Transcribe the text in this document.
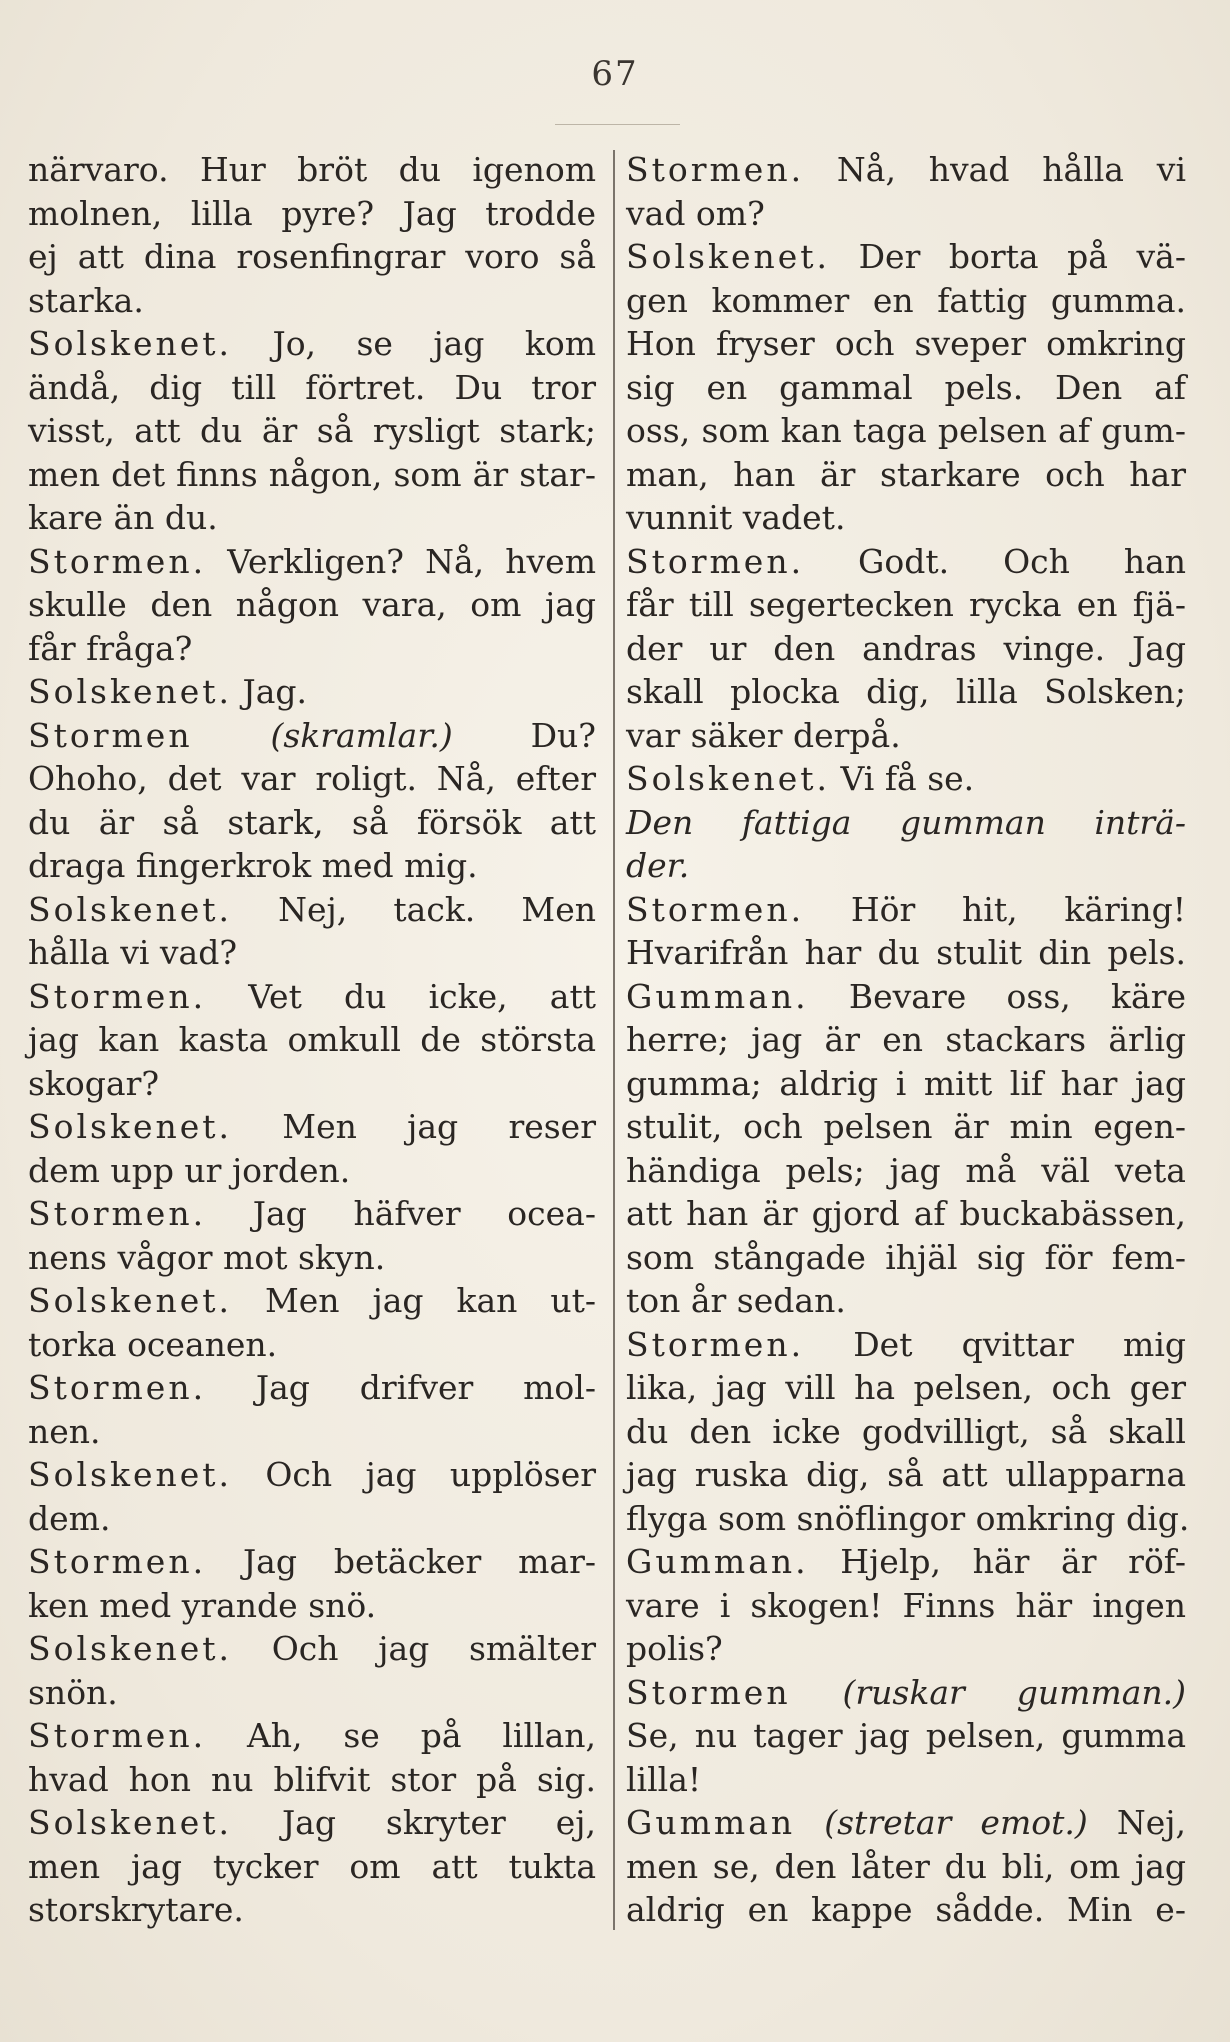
67
närvaro. Hur bröt du igenom
molnen, lilla pyre? Jag trodde
ej att dina rosenfingrar voro så
starka.
Solskenet. Jo, se jag kom
ändå, dig till förtret. Du tror
visst, att du är så rysligt stark;
men det finns någon, som är star-
kare än du.
Stormen. Verkligen? Nå, hvem
skulle den någon vara, om jag
får fråga?
Solskenet. Jag.
Stormen (skramlar.) Du?
Ohoho, det var roligt. Nå, efter
du är så stark, så försök att
draga fingerkrok med mig.
Solskenet. Nej, tack. Men
hålla vi vad?
Stormen. Vet du icke, att
jag kan kasta omkull de största
skogar?
Solskenet. Men jag reser
dem upp ur jorden.
Stormen. Jag häfver ocea-
nens vågor mot skyn.
Solskenet. Men jag kan ut-
torka oceanen.
Stormen. Jag drifver mol-
nen.
Solskenet. Och jag upplöser
dem.
Stormen. Jag betäcker mar-
ken med yrande snö.
Solskenet. Och jag smälter
snön.
Stormen. Ah, se på lillan,
hvad hon nu blifvit stor på sig.
Solskenet. Jag skryter ej,
men jag tycker om att tukta
storskrytare.
Stormen. Nå, hvad hålla vi
vad om?
Solskenet. Der borta på vä-
gen kommer en fattig gumma.
Hon fryser och sveper omkring
sig en gammal pels. Den af
oss, som kan taga pelsen af gum-
man, han är starkare och har
vunnit vadet.
Stormen. Godt. Och han
får till segertecken rycka en fjä-
der ur den andras vinge. Jag
skall plocka dig, lilla Solsken;
var säker derpå.
Solskenet. Vi få se.
Den fattiga gumman inträ-
der.
Stormen. Hör hit, käring!
Hvarifrån har du stulit din pels.
Gumman. Bevare oss, käre
herre; jag är en stackars ärlig
gumma; aldrig i mitt lif har jag
stulit, och pelsen är min egen-
händiga pels; jag må väl veta
att han är gjord af buckabässen,
som stångade ihjäl sig för fem-
ton år sedan.
Stormen. Det qvittar mig
lika, jag vill ha pelsen, och ger
du den icke godvilligt, så skall
jag ruska dig, så att ullapparna
flyga som snöflingor omkring dig.
Gumman. Hjelp, här är röf-
vare i skogen! Finns här ingen
polis?
Stormen (ruskar gumman.)
Se, nu tager jag pelsen, gumma
lilla!
Gumman (stretar emot.) Nej,
men se, den låter du bli, om jag
aldrig en kappe sådde. Min e-
